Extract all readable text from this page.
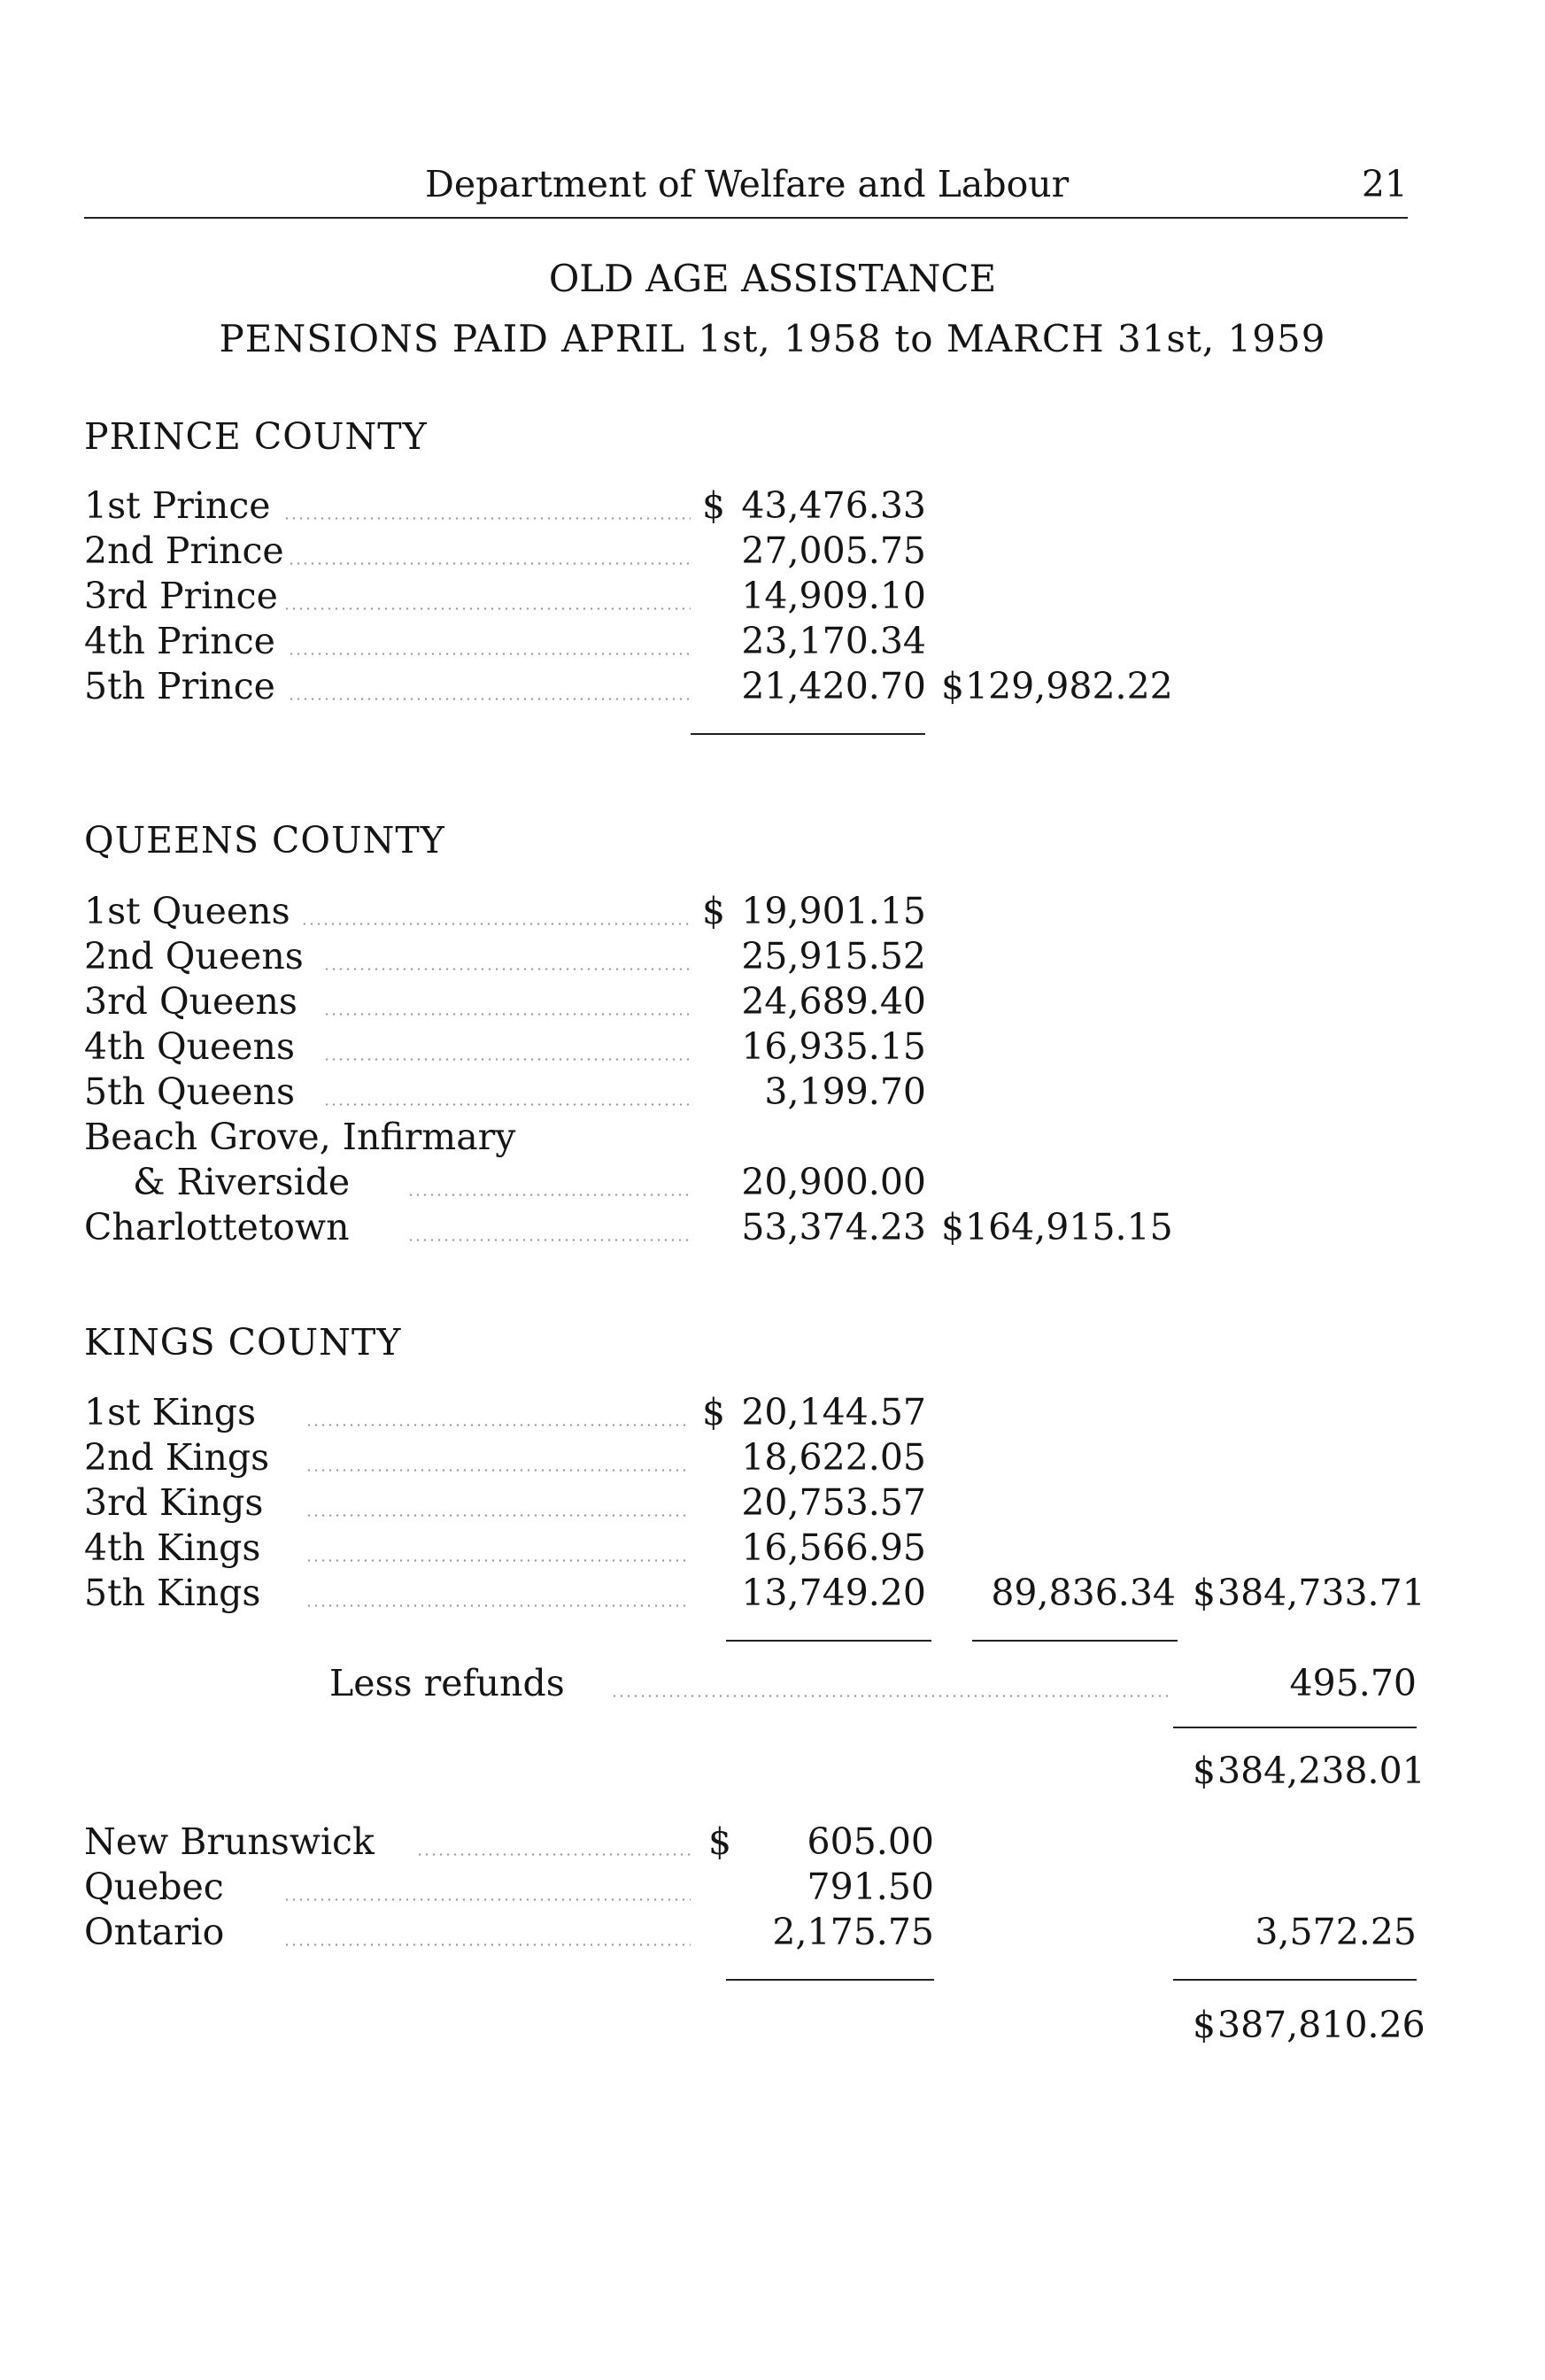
Department of Welfare and Labour	21
OLD AGE ASSISTANCE
PENSIONS PAID APRIL 1st, 1958 to MARCH 31st, 1959
PRINCE COUNTY
1st Prince	$ 43,476.33
2nd Prince	27,005.75
3rd Prince	14,909.10
4th Prince	23,170.34
5th Prince	21,420.70 $ 129,982.22
QUEENS COUNTY
1st Queens	$ 19,901.15
2nd Queens	25,915.52
3rd Queens	24,689.40
4th Queens	16,935.15
5th Queens	3,199.70
Beach Grove, Infirmary
& Riverside	20,900.00
Charlottetown	53,374.23 $ 164,915.15
KINGS COUNTY
1st Kings	$ 20,144.57
2nd Kings	18,622.05
3rd Kings	20,753.57
4th Kings	16,566.95
5th Kings	13,749.20	89,836.34 $ 384,733.71
Less refunds	495.70
$ 384,238.01
New Brunswick	$	605.00
Quebec	791.50
Ontario	2,175.75	3,572.25
$ 387,810.26
